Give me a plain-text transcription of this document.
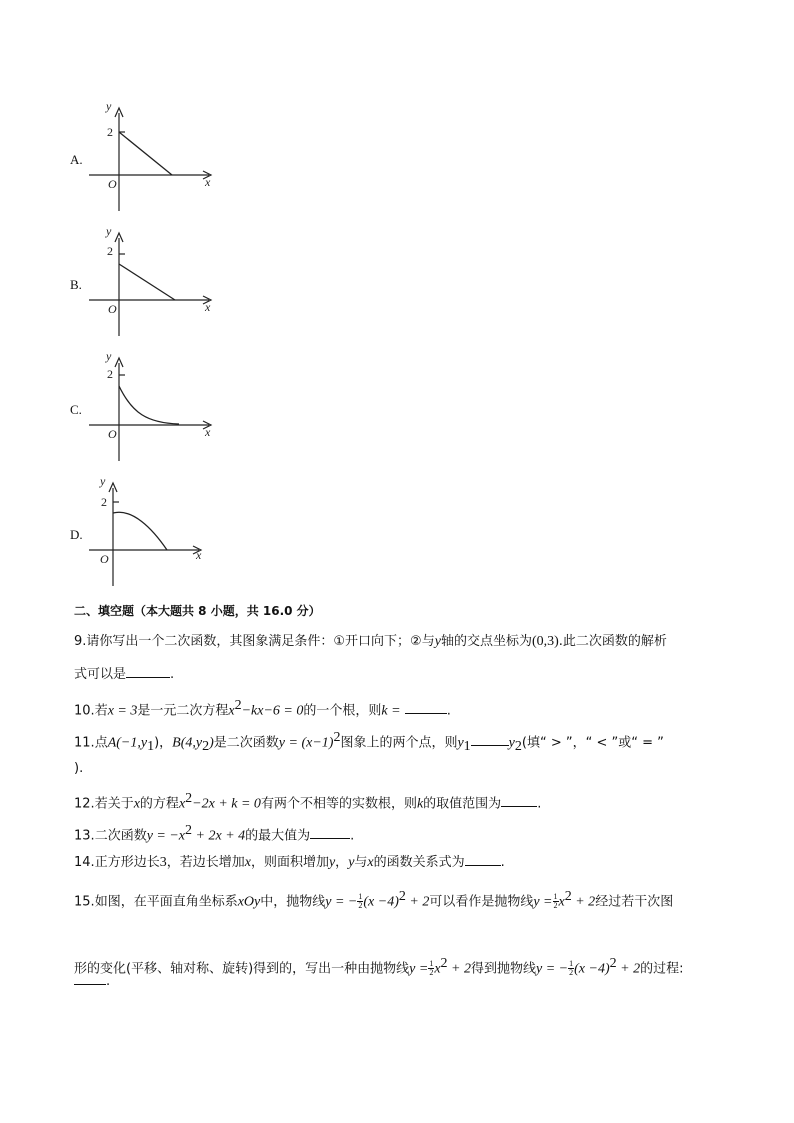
A.
y
2
O	x
B.
y
2
O	x
C.
y
2
O	x
D.
y
2
O	x
二、填空题（本大题共 8 小题，共 16.0 分）
9.请你写出一个二次函数，其图象满足条件：①开口向下；②与y轴的交点坐标为(0,3).此二次函数的解析
式可以是	.
10.若x = 3是一元二次方程$x^2-kx-6 = 0$的一个根，则k =	.
11.点$A(-1,y_1)$，$B(4,y_2)$是二次函数$y = (x-1)^2$图象上的两个点，则$y_1$	$y_2$(填“ > ”，“ < ”或“ = ”
).
12.若关于x的方程$x^2-2x + k = 0$有两个不相等的实数根，则k的取值范围为	.
13.二次函数$y = -x^2 + 2x + 4$的最大值为	.
14.正方形边长3，若边长增加x，则面积增加y，y与x的函数关系式为	.
15.如图，在平面直角坐标系xOy中，抛物线y = − $\frac{1}{2} (x -4)^2 + 2$可以看作是抛物线$y = \frac{1}{2} x^2 + 2$经过若干次图
形的变化(平移、轴对称、旋转)得到的，写出一种由抛物线$y = \frac{1}{2} x^2 + 2$得到抛物线y = − $\frac{1}{2} (x -4)^2 + 2$的过程:
.
